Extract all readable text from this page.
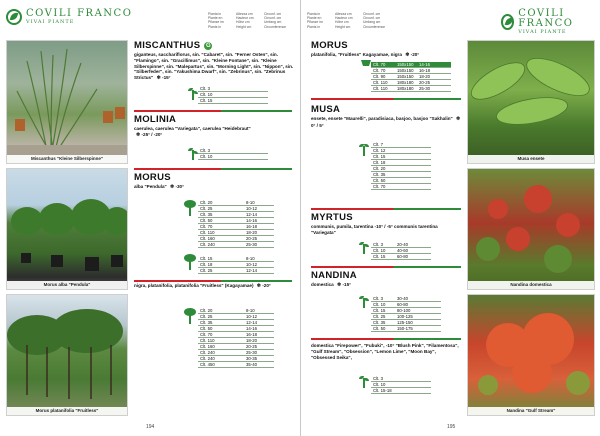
COVILI FRANCO
VIVAI PIANTE
Pianta in
Plante en
Pflanze im
Plants in
Altezza cm
Hauteur cm
Höhe cm
Height cm
Circonf. cm
Circonf. cm
Umfang cm
Circumference
Miscanthus "Kleine Silberspinne"
Morus alba "Pendula"
Morus platanifolia "Fruitless"
MISCANTHUS G
giganteus, sacchariflorus, sin. "Cabaret", sin. "Ferner Osten", sin. "Flamingo", sin. "Gracillimus", sin. "Kleine Fontane", sin. "Kleine Silberspinne", sin. "Malepartus", sin. "Morning Light", sin. "Nippon", sin. "Silberfeder", sin. "Yakushima Dwarf", sin. "Zebrinus", sin. "Zebrinus Strictus" ❄ -15°
Clt. 3
Clt. 10
Clt. 15
MOLINIA
caerulea, caerulea "Variegata", caerulea "Heidebraut"
❄ -25° / -20°
Clt. 3
Clt. 10
MORUS
alba "Pendula" ❄ -30°
Clt. 20	8-10
Clt. 25	10-12
Clt. 35	12-14
Clt. 50	14-16
Clt. 70	16-18
Clt. 110	18-20
Clt. 160	20-25
Clt. 240	25-30
Clt. 15	8-10
Clt. 18	10-12
Clt. 25	12-14
nigra, platanifolia, platanifolia "Fruitless" (Kagayamae) ❄ -20°
Clt. 20	8-10
Clt. 25	10-12
Clt. 35	12-14
Clt. 50	14-16
Clt. 70	16-18
Clt. 110	18-20
Clt. 160	20-25
Clt. 240	25-30
Clt. 240	30-35
Clt. 450	35-40
194
Pianta in
Plante en
Pflanze im
Plants in
Altezza cm
Hauteur cm
Höhe cm
Height cm
Circonf. cm
Circonf. cm
Umfang cm
Circumference
COVILI FRANCO
VIVAI PIANTE
MORUS
platanifolia, "Fruitless" Kagayamae, nigra ❄ -20°
Clt. 70	150x150	14-16
Clt. 70	150x150	16-18
Clt. 90	150x150	18-20
Clt. 110	180x180	20-25
Clt. 110	180x180	25-30
MUSA
ensete, ensete "Maurelli", paradisiaca, basjoo, basjoo "Sakhalin" ❄ 0° / 5°
Clt. 7
Clt. 12
Clt. 15
Clt. 18
Clt. 20
Clt. 35
Clt. 50
Clt. 70
MYRTUS
communis, pumila, tarentina -10° / -5° communis tarentina "Variegata"
Clt. 3	20-40
Clt. 10	40-60
Clt. 15	60-80
NANDINA
domestica ❄ -15°
Clt. 3	30-40
Clt. 10	60-80
Clt. 15	80-100
Clt. 25	100-125
Clt. 35	125-150
Clt. 50	150-175
domestica "Firepower", "Fubuki", -10° "Blush Pink", "Filamentosa", "Gulf Stream", "Obsession", "Lemon Lime", "Moon Bay", "Obsessed Seika",
Clt. 3
Clt. 10
Clt. 15-18
Musa ensete
Nandina domestica
Nandina "Gulf Stream"
195
